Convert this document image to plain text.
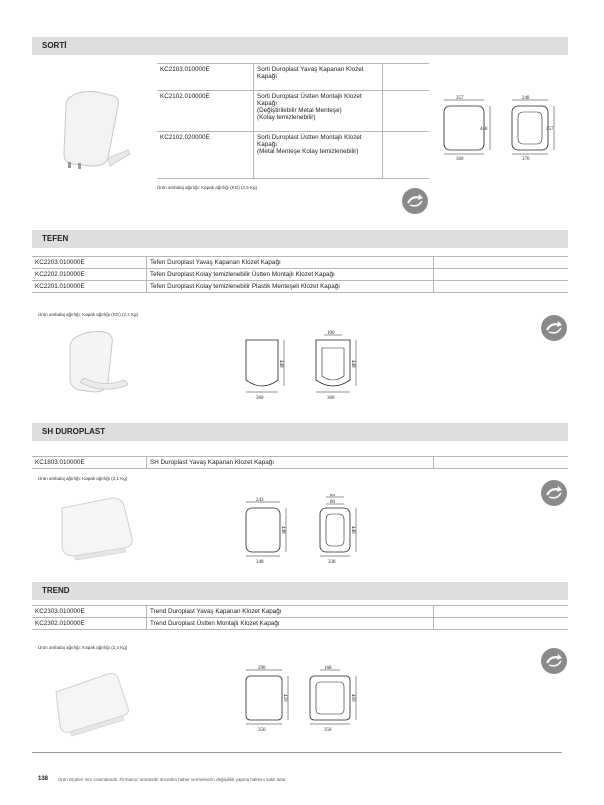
SORTİ
KC2103.010000E	Sorti Duroplast Yavaş Kapanan Klozet Kapağı	

KC2102.010000E	Sorti Duroplast Üstten Montajlı Klozet Kapağı
(Değiştirilebilir Metal Menteşe)
(Kolay temizlenebilir)	

KC2102.020000E	Sorti Duroplast Üstten Montajlı Klozet Kapağı
(Metal Menteşe Kolay temizlenebilir)	

Ürün ambalaj ağırlığı: Kapak ağırlığı (KG) (2,5 Kg)
357
448
360
248
457
370
TEFEN
KC2203.010000E	Tefen Duroplast Yavaş Kapanan Klozet Kapağı	
KC2202.010000E	Tefen Duroplast Kolay temizlenebilir Üstten Montajlı Klozet Kapağı	
KC2201.010000E	Tefen Duroplast Kolay temizlenebilir Plastik Menteşeli Klozet Kapağı	
Ürün ambalaj ağırlığı: Kapak ağırlığı (KG) (2,4 Kg)
448
360
100
448
360
SH DUROPLAST
KC1803.010000E	SH Duroplast Yavaş Kapanan Klozet Kapağı	
Ürün ambalaj ağırlığı: Kapak ağırlığı (2,1 Kg)
243
448
348
80
80
446
338
TREND
KC2303.010000E	Trend Duroplast Yavaş Kapanan Klozet Kapağı	
KC2302.010000E	Trend Duroplast Üstten Montajlı Klozet Kapağı	
Ürün ambalaj ağırlığı: Kapak ağırlığı (2,4 Kg)
290
420
356
168
400
356
138 Ürün ölçüleri mm cinsindendir. Firmamız ürünlerde önceden haber vermeksizin değişiklik yapma hakkını saklı tutar.
